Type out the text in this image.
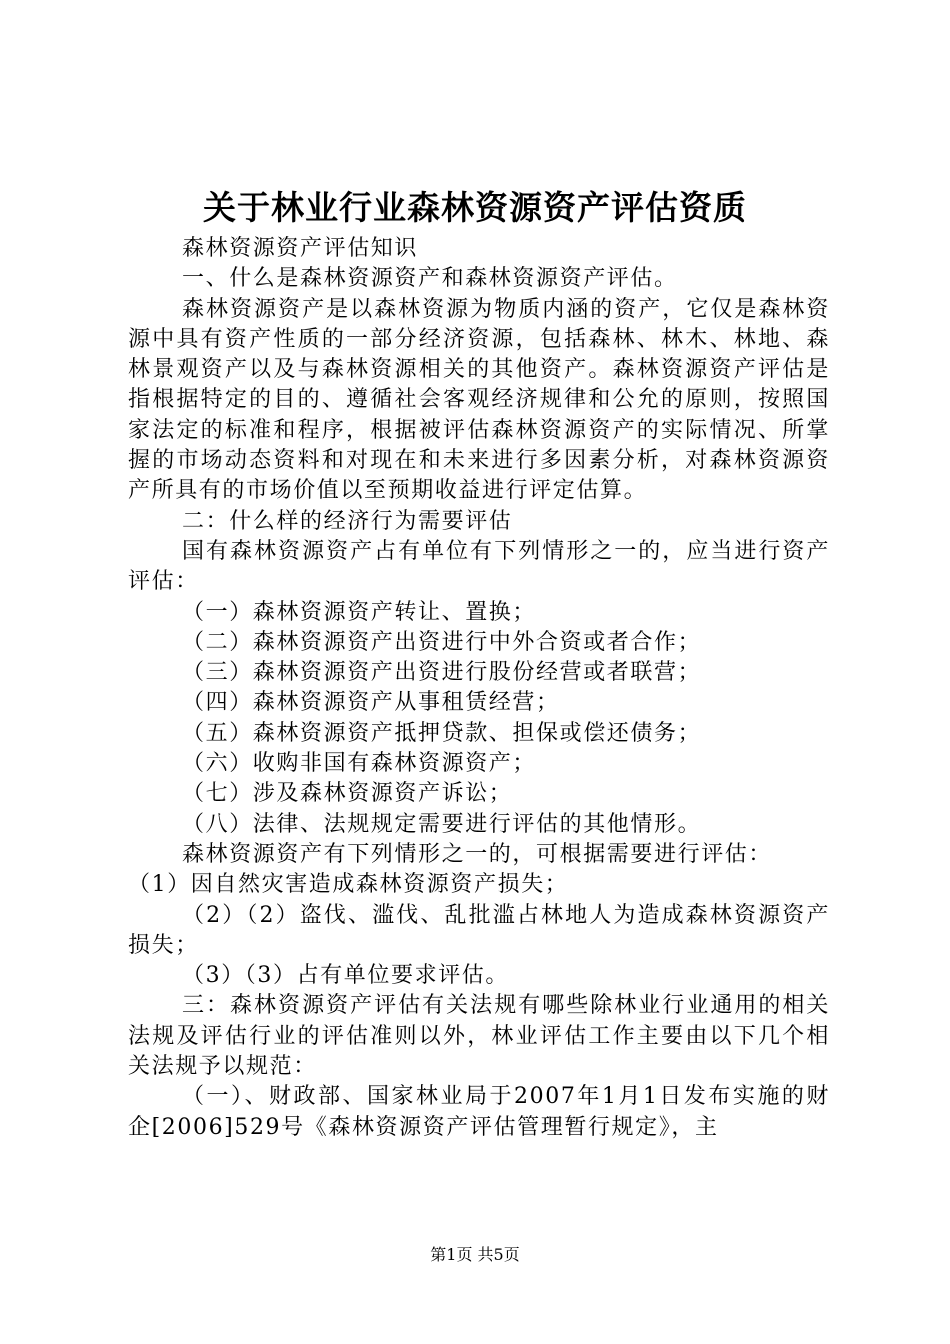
关于林业行业森林资源资产评估资质

森林资源资产评估知识

一、什么是森林资源资产和森林资源资产评估。

森林资源资产是以森林资源为物质内涵的资产，它仅是森林资源中具有资产性质的一部分经济资源，包括森林、林木、林地、森林景观资产以及与森林资源相关的其他资产。森林资源资产评估是指根据特定的目的、遵循社会客观经济规律和公允的原则，按照国家法定的标准和程序，根据被评估森林资源资产的实际情况、所掌握的市场动态资料和对现在和未来进行多因素分析，对森林资源资产所具有的市场价值以至预期收益进行评定估算。

二：什么样的经济行为需要评估

国有森林资源资产占有单位有下列情形之一的，应当进行资产评估：

（一）森林资源资产转让、置换；

（二）森林资源资产出资进行中外合资或者合作；

（三）森林资源资产出资进行股份经营或者联营；

（四）森林资源资产从事租赁经营；

（五）森林资源资产抵押贷款、担保或偿还债务；

（六）收购非国有森林资源资产；

（七）涉及森林资源资产诉讼；

（八）法律、法规规定需要进行评估的其他情形。

森林资源资产有下列情形之一的，可根据需要进行评估：

（1）因自然灾害造成森林资源资产损失；

（2）（2）盗伐、滥伐、乱批滥占林地人为造成森林资源资产损失；

（3）（3）占有单位要求评估。

三：森林资源资产评估有关法规有哪些除林业行业通用的相关法规及评估行业的评估准则以外，林业评估工作主要由以下几个相关法规予以规范：

（一）、财政部、国家林业局于2007年1月1日发布实施的财企[2006]529号《森林资源资产评估管理暂行规定》，主

第1页 共5页
